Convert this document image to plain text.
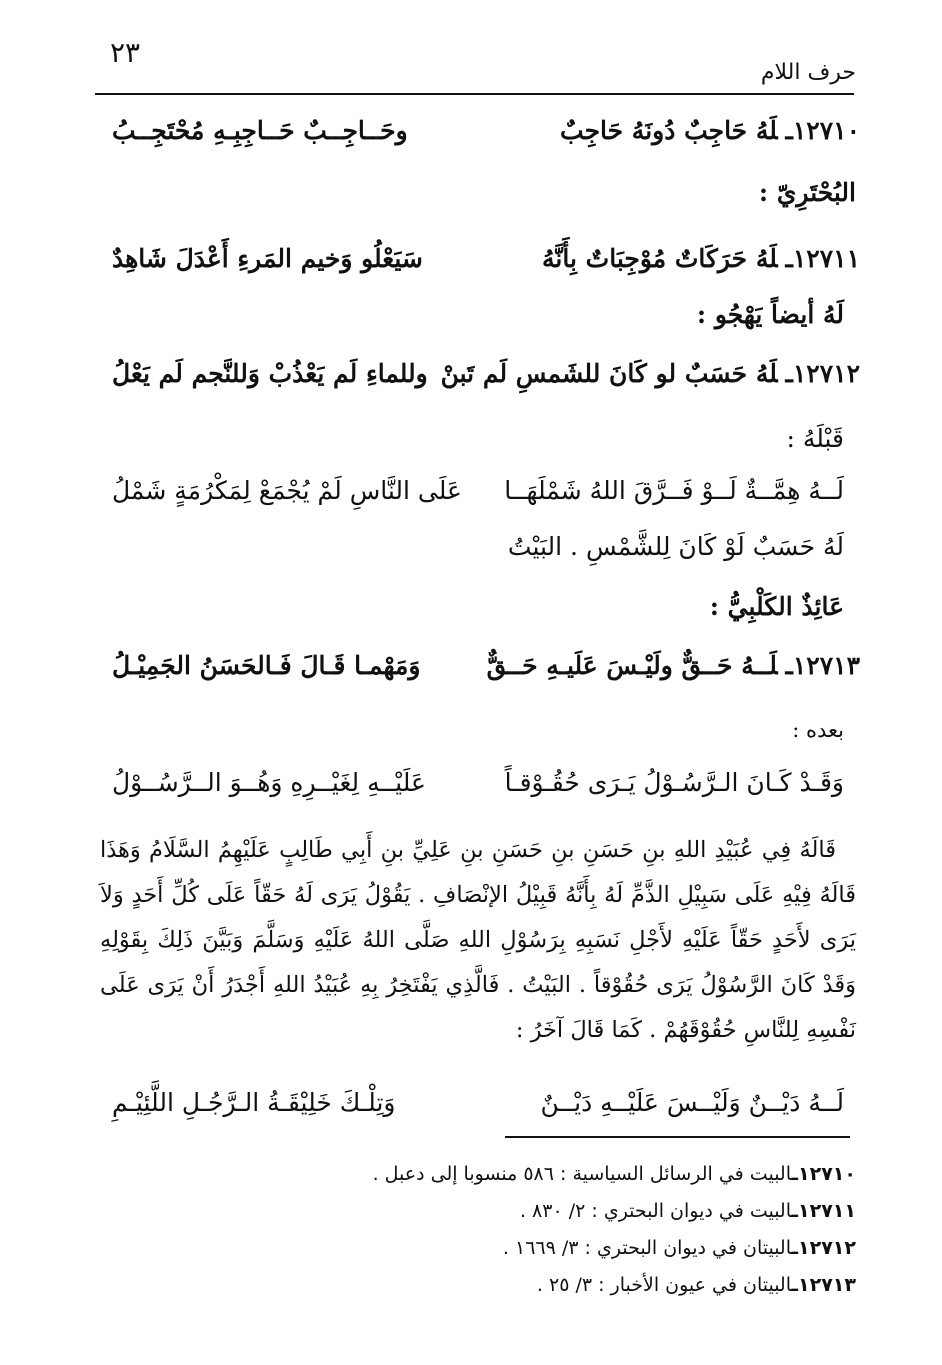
٢٣
حرف اللام
١٢٧١٠ـلَهُ حَاجِبٌ دُونَهُ حَاجِبٌ
وحَــاجِــبٌ حَــاجِبِـهِ مُحْتَجِــبُ
البُحْتَرِيّ :
١٢٧١١ـلَهُ حَرَكَاتٌ مُوْجِبَاتٌ بِأَنَّهُ
سَيَعْلُو وَخيم المَرءِ أَعْدَلَ شَاهِدٌ
لَهُ أيضاً يَهْجُو :
١٢٧١٢ـلَهُ حَسَبٌ لو كَانَ للشَمسِ لَم تَبنْ
وللماءِ لَم يَعْذُبْ وَللنَّجم لَم يَعْلُ
قَبْلَهُ :
لَــهُ هِمَّــةٌ لَــوْ فَــرَّقَ اللهُ شَمْلَهَــا
عَلَى النَّاسِ لَمْ يُجْمَعْ لِمَكْرُمَةٍ شَمْلُ
لَهُ حَسَبٌ لَوْ كَانَ لِلشَّمْسِ . البَيْتُ
عَائِذٌ الكَلْبِيُّ :
١٢٧١٣ـلَــهُ حَــقٌّ ولَيْـسَ عَلَيـهِ حَــقٌّ
وَمَهْمـا قَـالَ فَـالحَسَنُ الجَمِيْـلُ
بعده :
وَقَـدْ كَـانَ الـرَّسُـوْلُ يَـرَى حُقُـوْقـاً
عَلَيْــهِ لِغَيْــرِهِ وَهُــوَ الــرَّسُــوْلُ

قَالَهُ فِي عُبَيْدِ اللهِ بنِ حَسَنِ بنِ حَسَنِ بنِ عَلِيِّ بنِ أَبِي طَالِبٍ عَلَيْهِمُ السَّلَامُ وَهَذَا قَالَهُ فِيْهِ عَلَى سَبِيْلِ الذَّمِّ لَهُ بِأَنَّهُ قَبِيْلُ الإنْصَافِ . يَقُوْلُ يَرَى لَهُ حَقّاً عَلَى كُلِّ أَحَدٍ وَلاَ يَرَى لأَحَدٍ حَقّاً عَلَيْهِ لأَجْلِ نَسَبِهِ بِرَسُوْلِ اللهِ صَلَّى اللهُ عَلَيْهِ وَسَلَّمَ وَبَيَّنَ ذَلِكَ بِقَوْلِهِ وَقَدْ كَانَ الرَّسُوْلُ يَرَى حُقُوْقاً . البَيْتُ . فَالَّذِي يَفْتَخِرُ بِهِ عُبَيْدُ اللهِ أَجْدَرُ أَنْ يَرَى عَلَى نَفْسِهِ لِلنَّاسِ حُقُوْقَهُمْ . كَمَا قَالَ آخَرُ :

لَــهُ دَيْــنٌ وَلَيْــسَ عَلَيْــهِ دَيْــنٌ
وَتِلْـكَ خَلِيْقَـةُ الـرَّجُـلِ اللَّئِيْـمِ
١٢٧١٠ـالبيت في الرسائل السياسية : ٥٨٦ منسوبا إلى دعبل .
١٢٧١١ـالبيت في ديوان البحتري : ٢/ ٨٣٠ .
١٢٧١٢ـالبيتان في ديوان البحتري : ٣/ ١٦٦٩ .
١٢٧١٣ـالبيتان في عيون الأخبار : ٣/ ٢٥ .
